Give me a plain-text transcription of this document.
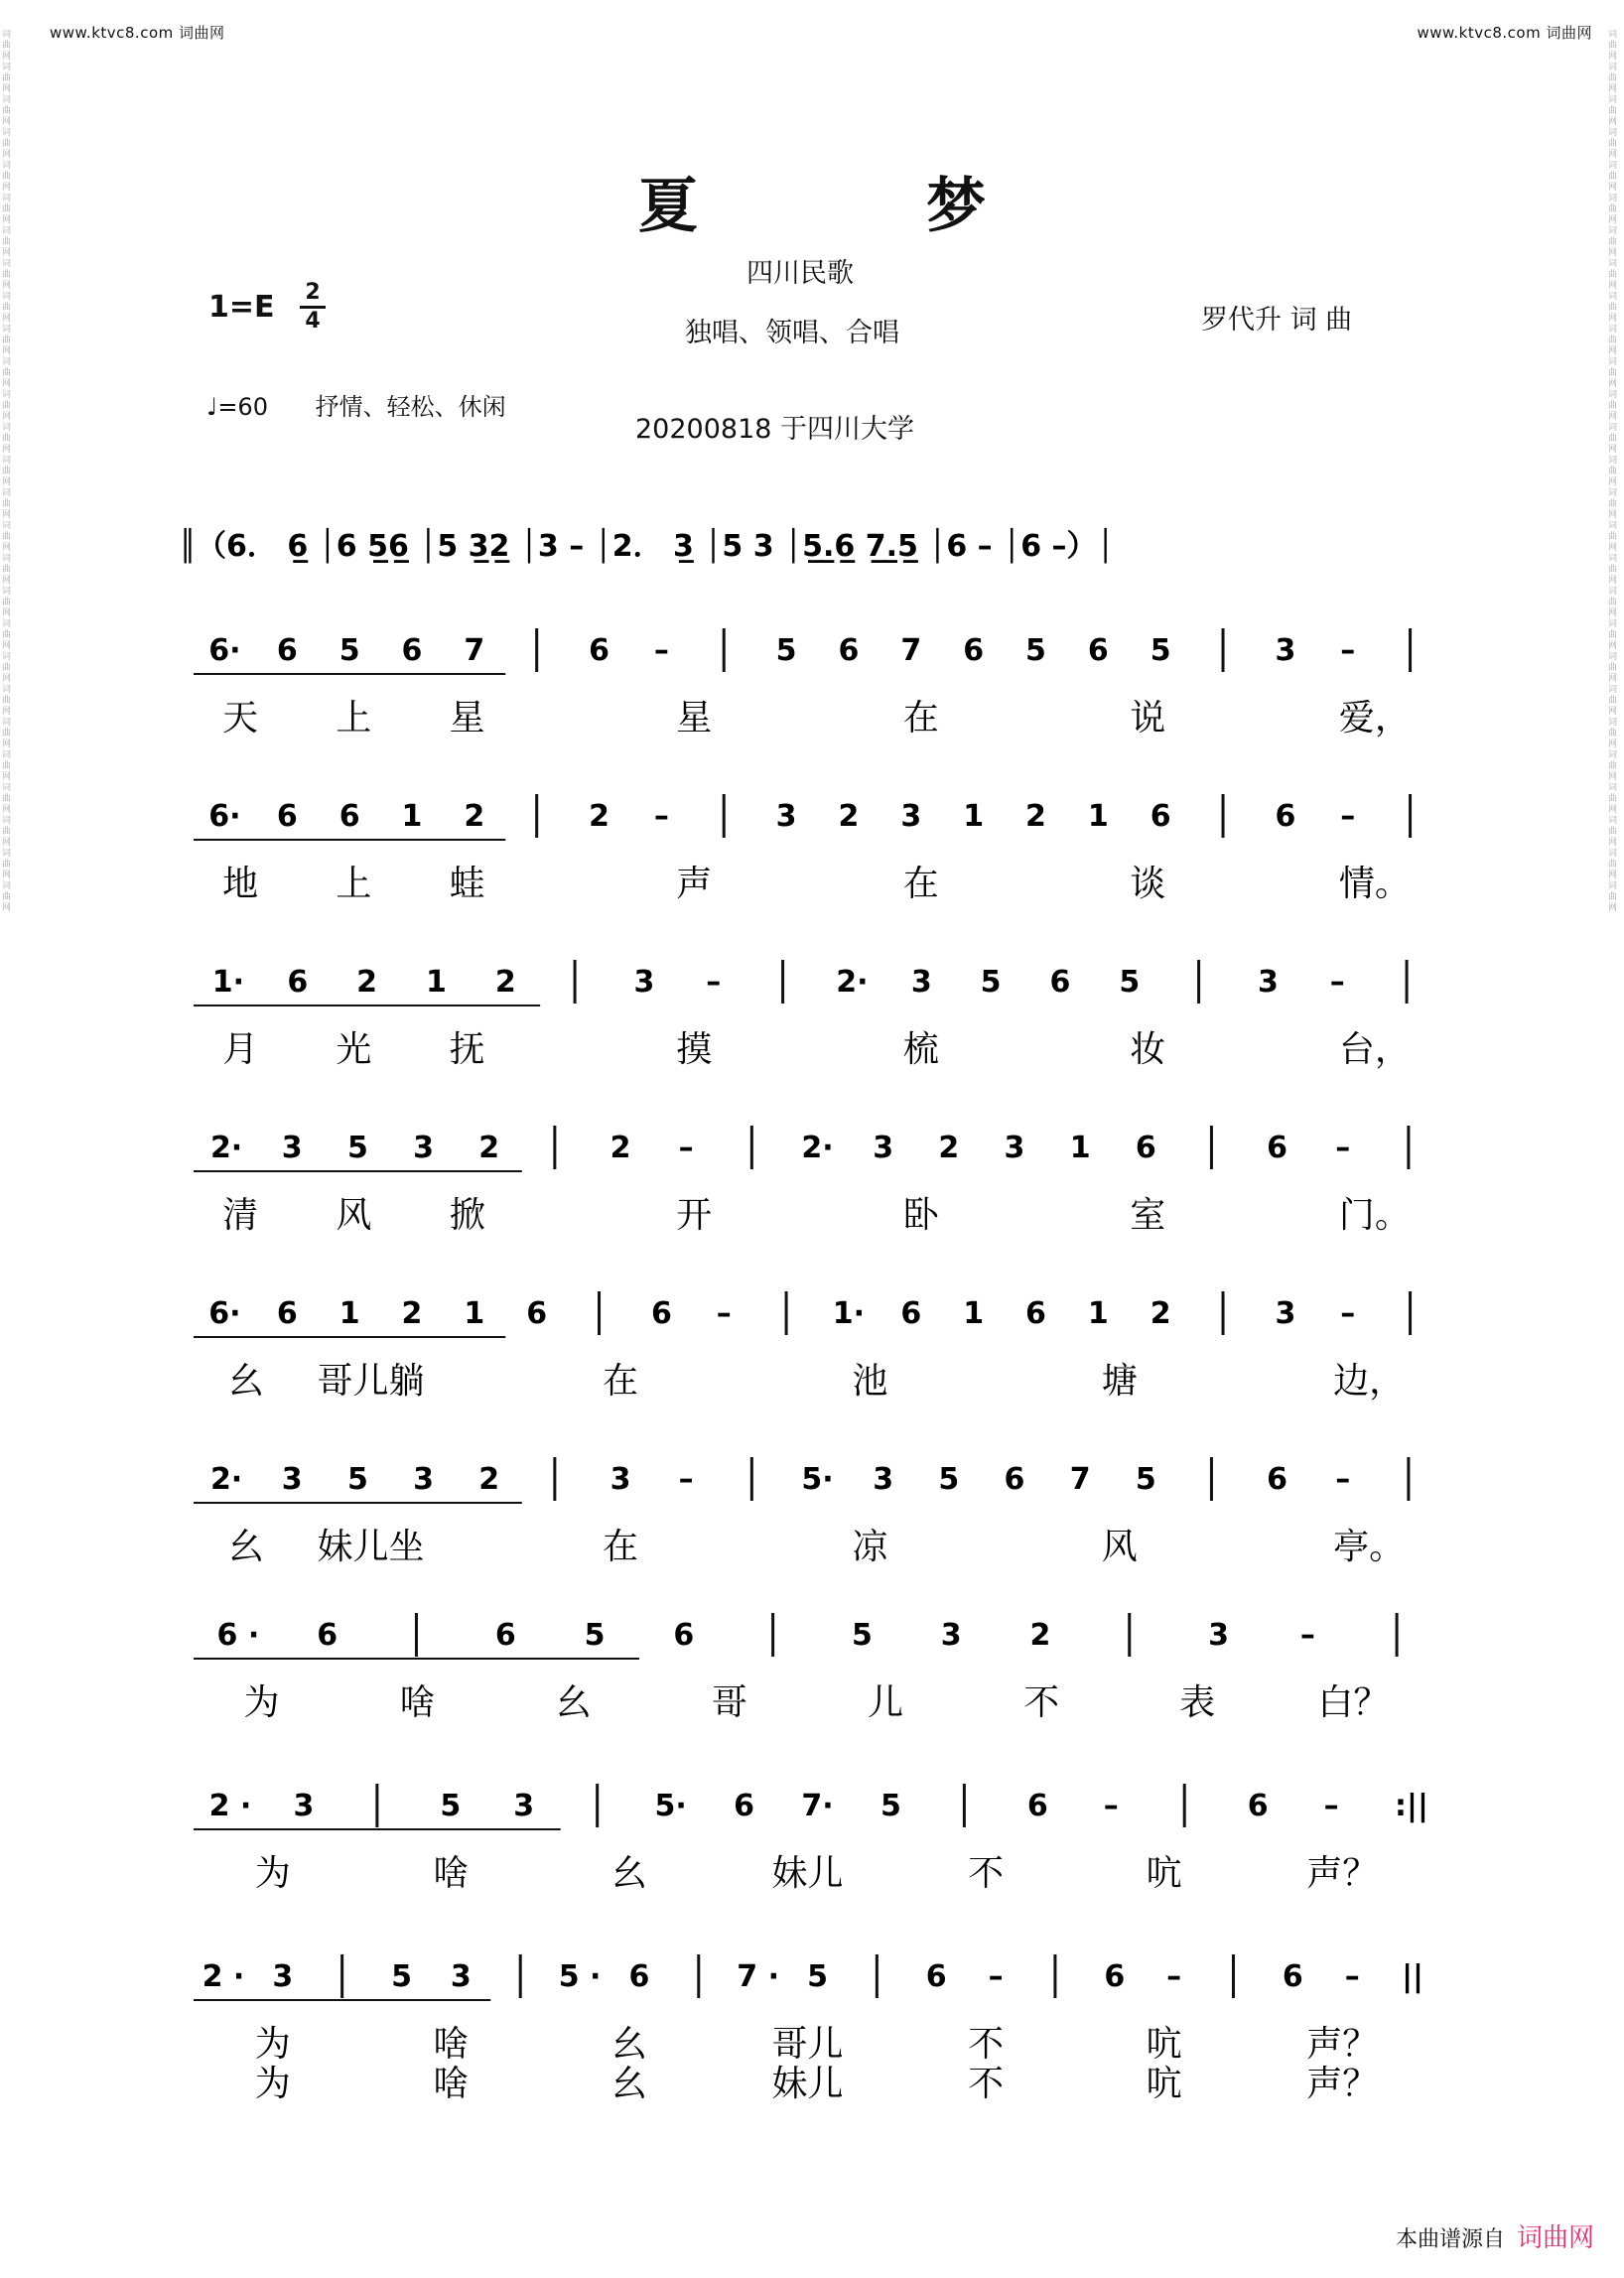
www.ktvc8.com 词曲网	www.ktvc8.com 词曲网
词曲网词曲网词曲网词曲网词曲网词曲网词曲网词曲网词曲网词曲网词曲网词曲网词曲网词曲网词曲网词曲网词曲网词曲网词曲网词曲网词曲网词曲网词曲网词曲网词曲网词曲网词曲网
词曲网词曲网词曲网词曲网词曲网词曲网词曲网词曲网词曲网词曲网词曲网词曲网词曲网词曲网词曲网词曲网词曲网词曲网词曲网词曲网词曲网词曲网词曲网词曲网词曲网词曲网词曲网
夏梦
四川民歌
1=E 2
4	独唱、领唱、合唱	罗代升 词 曲
♩=60 抒情、轻松、休闲
20200818 于四川大学
║（6． 6̲ │6 5̲6̲ │5 3̲2̲ │3 – │2． 3̲ │5 3 │5̲.̲6̲ 7̲.̲5̲ │6 – │6 –）│
6· 6 5 6 7	6 –	5 6 7 6 5 6 5	3 –
天 上 星	星	在	说	爱，
6· 6 6 1 2	2 –	3 2 3 1 2 1 6	6 –
地 上 蛙	声	在	谈	情。
1· 6 2 1 2	3 –	2· 3 5 6 5	3 –
月 光 抚	摸	梳	妆	台，
2· 3 5 3 2	2 –	2· 3 2 3 1 6	6 –
清 风 掀	开	卧	室	门。
6· 6 1 2 1 6	6 –	1· 6 1 6 1 2	3 –
幺 哥儿躺	在	池	塘	边，
2· 3 5 3 2	3 –	5· 3 5 6 7 5	6 –
幺 妹儿坐	在	凉	风	亭。
6 · 6	6 5 6	5 3 2	3 –
为	啥	幺	哥	儿	不	表	白？
2 · 3	5 3	5· 6 7· 5	6 –	6 – :||
为	啥	幺	妹儿	不	吭	声？
2 · 3	5 3	5 · 6	7 · 5	6 –	6 –	6 – ||
为	啥	幺	哥儿	不	吭	声？
为	啥	幺	妹儿	不	吭	声？
本曲谱源自 词曲网
